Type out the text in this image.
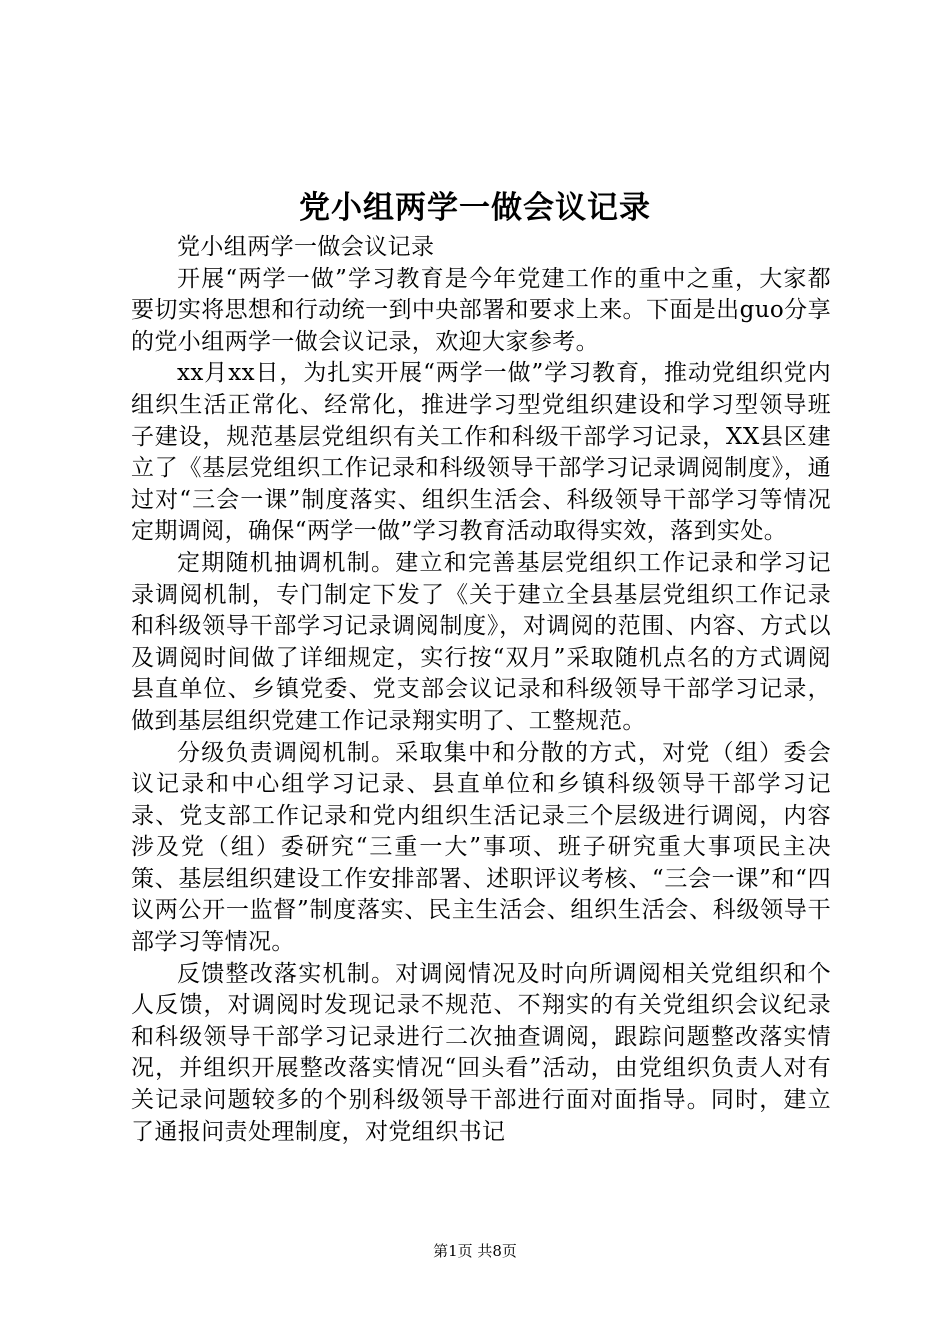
党小组两学一做会议记录

党小组两学一做会议记录

开展“两学一做”学习教育是今年党建工作的重中之重，大家都要切实将思想和行动统一到中央部署和要求上来。下面是出guo分享的党小组两学一做会议记录，欢迎大家参考。

xx月xx日，为扎实开展“两学一做”学习教育，推动党组织党内组织生活正常化、经常化，推进学习型党组织建设和学习型领导班子建设，规范基层党组织有关工作和科级干部学习记录，XX县区建立了《基层党组织工作记录和科级领导干部学习记录调阅制度》，通过对“三会一课”制度落实、组织生活会、科级领导干部学习等情况定期调阅，确保“两学一做”学习教育活动取得实效，落到实处。

定期随机抽调机制。建立和完善基层党组织工作记录和学习记录调阅机制，专门制定下发了《关于建立全县基层党组织工作记录和科级领导干部学习记录调阅制度》，对调阅的范围、内容、方式以及调阅时间做了详细规定，实行按“双月”采取随机点名的方式调阅县直单位、乡镇党委、党支部会议记录和科级领导干部学习记录，做到基层组织党建工作记录翔实明了、工整规范。

分级负责调阅机制。采取集中和分散的方式，对党（组）委会议记录和中心组学习记录、县直单位和乡镇科级领导干部学习记录、党支部工作记录和党内组织生活记录三个层级进行调阅，内容涉及党（组）委研究“三重一大”事项、班子研究重大事项民主决策、基层组织建设工作安排部署、述职评议考核、“三会一课”和“四议两公开一监督”制度落实、民主生活会、组织生活会、科级领导干部学习等情况。

反馈整改落实机制。对调阅情况及时向所调阅相关党组织和个人反馈，对调阅时发现记录不规范、不翔实的有关党组织会议纪录和科级领导干部学习记录进行二次抽查调阅，跟踪问题整改落实情况，并组织开展整改落实情况“回头看”活动，由党组织负责人对有关记录问题较多的个别科级领导干部进行面对面指导。同时，建立了通报问责处理制度，对党组织书记

第1页 共8页
